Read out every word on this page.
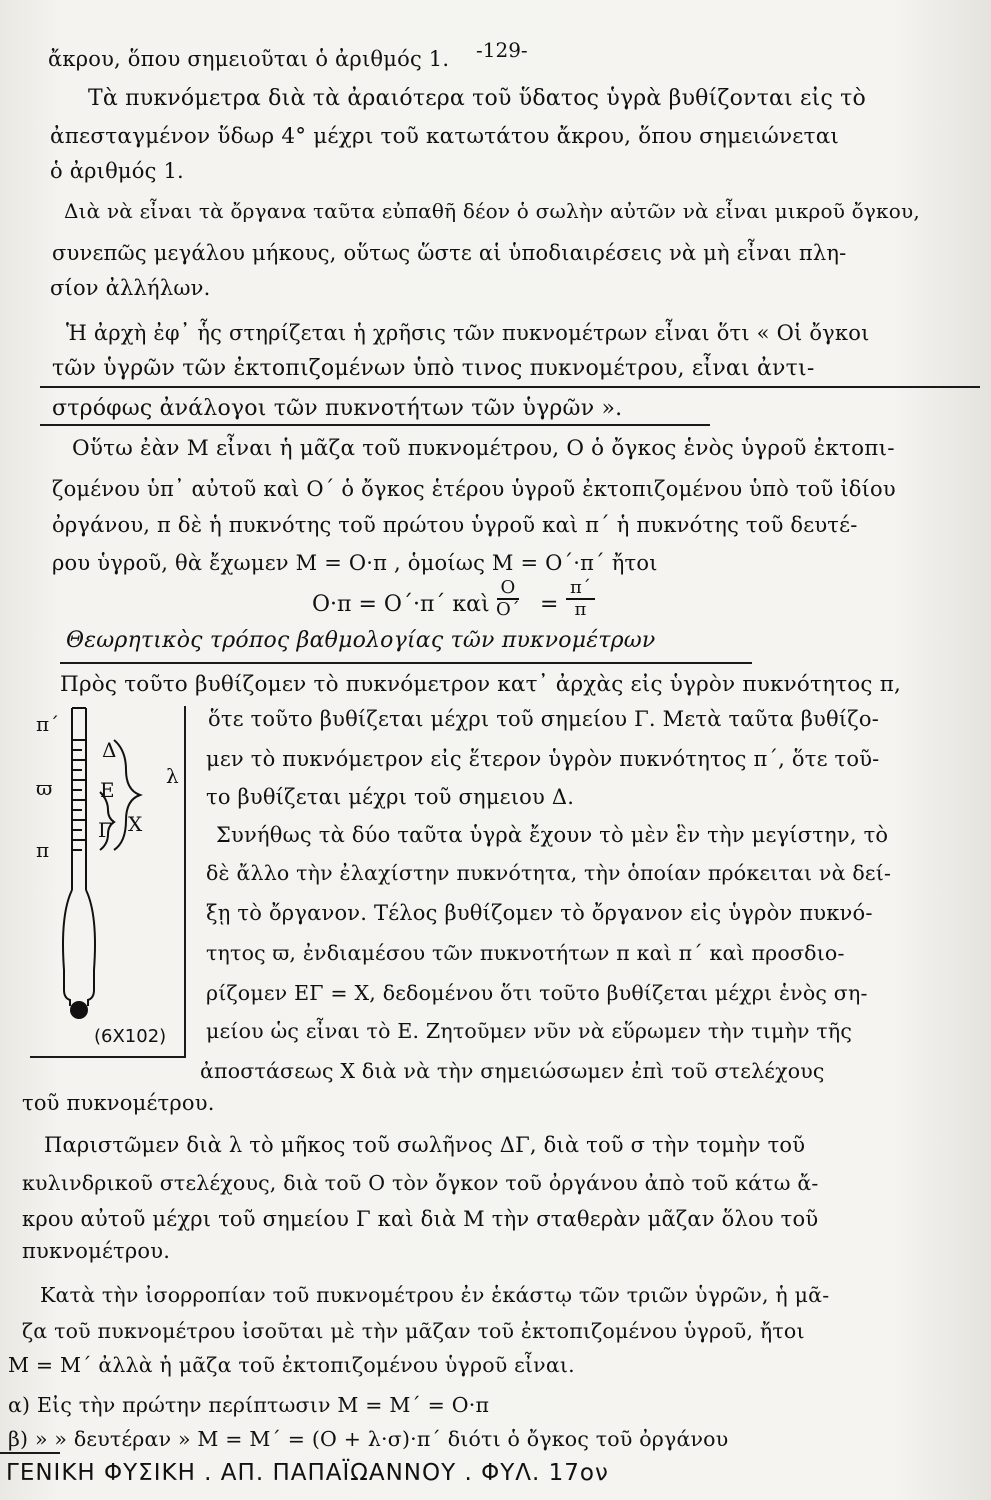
-129-
ἄκρου, ὅπου σημειοῦται ὁ ἀριθμός 1.
Τὰ πυκνόμετρα διὰ τὰ ἀραιότερα τοῦ ὕδατος ὑγρὰ βυθίζονται εἰς τὸ
ἀπεσταγμένον ὕδωρ 4° μέχρι τοῦ κατωτάτου ἄκρου, ὅπου σημειώνεται
ὁ ἀριθμός 1.
Διὰ νὰ εἶναι τὰ ὄργανα ταῦτα εὐπαθῆ δέον ὁ σωλὴν αὐτῶν νὰ εἶναι μικροῦ ὄγκου,
συνεπῶς μεγάλου μήκους, οὕτως ὥστε αἱ ὑποδιαιρέσεις νὰ μὴ εἶναι πλη-
σίον ἀλλήλων.
Ἡ ἀρχὴ ἐφ᾽ ἧς στηρίζεται ἡ χρῆσις τῶν πυκνομέτρων εἶναι ὅτι « Οἱ ὄγκοι
τῶν ὑγρῶν τῶν ἐκτοπιζομένων ὑπὸ τινος πυκνομέτρου, εἶναι ἀντι-
στρόφως ἀνάλογοι τῶν πυκνοτήτων τῶν ὑγρῶν ».
Οὕτω ἐὰν Μ εἶναι ἡ μᾶζα τοῦ πυκνομέτρου, Ο ὁ ὄγκος ἑνὸς ὑγροῦ ἐκτοπι-
ζομένου ὑπ᾽ αὐτοῦ καὶ Ο΄ ὁ ὄγκος ἑτέρου ὑγροῦ ἐκτοπιζομένου ὑπὸ τοῦ ἰδίου
ὀργάνου, π δὲ ἡ πυκνότης τοῦ πρώτου ὑγροῦ καὶ π΄ ἡ πυκνότης τοῦ δευτέ-
ρου ὑγροῦ, θὰ ἔχωμεν Μ = Ο·π , ὁμοίως Μ = Ο΄·π΄ ἤτοι
Ο·π = Ο΄·π΄ καὶ $\frac{O}{O΄} = \frac{\pi΄}{\pi}$
Θεωρητικὸς τρόπος βαθμολογίας τῶν πυκνομέτρων
Πρὸς τοῦτο βυθίζομεν τὸ πυκνόμετρον κατ᾽ ἀρχὰς εἰς ὑγρὸν πυκνότητος π,
π΄
ϖ
π
Δ
Ε
Γ Χ
λ
(6Χ102)
ὅτε τοῦτο βυθίζεται μέχρι τοῦ σημείου Γ. Μετὰ ταῦτα βυθίζο-
μεν τὸ πυκνόμετρον εἰς ἕτερον ὑγρὸν πυκνότητος π΄, ὅτε τοῦ-
το βυθίζεται μέχρι τοῦ σημειου Δ.
Συνήθως τὰ δύο ταῦτα ὑγρὰ ἔχουν τὸ μὲν ἓν τὴν μεγίστην, τὸ
δὲ ἄλλο τὴν ἐλαχίστην πυκνότητα, τὴν ὁποίαν πρόκειται νὰ δεί-
ξῃ τὸ ὄργανον. Τέλος βυθίζομεν τὸ ὄργανον εἰς ὑγρὸν πυκνό-
τητος ϖ, ἐνδιαμέσου τῶν πυκνοτήτων π καὶ π΄ καὶ προσδιο-
ρίζομεν ΕΓ = Χ, δεδομένου ὅτι τοῦτο βυθίζεται μέχρι ἑνὸς ση-
μείου ὡς εἶναι τὸ Ε. Ζητοῦμεν νῦν νὰ εὕρωμεν τὴν τιμὴν τῆς
ἀποστάσεως Χ διὰ νὰ τὴν σημειώσωμεν ἐπὶ τοῦ στελέχους
τοῦ πυκνομέτρου.
Παριστῶμεν διὰ λ τὸ μῆκος τοῦ σωλῆνος ΔΓ, διὰ τοῦ σ τὴν τομὴν τοῦ
κυλινδρικοῦ στελέχους, διὰ τοῦ Ο τὸν ὄγκον τοῦ ὀργάνου ἀπὸ τοῦ κάτω ἄ-
κρου αὐτοῦ μέχρι τοῦ σημείου Γ καὶ διὰ Μ τὴν σταθερὰν μᾶζαν ὅλου τοῦ
πυκνομέτρου.
Κατὰ τὴν ἰσορροπίαν τοῦ πυκνομέτρου ἐν ἑκάστῳ τῶν τριῶν ὑγρῶν, ἡ μᾶ-
ζα τοῦ πυκνομέτρου ἰσοῦται μὲ τὴν μᾶζαν τοῦ ἐκτοπιζομένου ὑγροῦ, ἤτοι
Μ = Μ΄ ἀλλὰ ἡ μᾶζα τοῦ ἐκτοπιζομένου ὑγροῦ εἶναι.
α) Εἰς τὴν πρώτην περίπτωσιν Μ = Μ΄ = Ο·π
β) » » δευτέραν » Μ = Μ΄ = (Ο + λ·σ)·π΄ διότι ὁ ὄγκος τοῦ ὀργάνου
ΓΕΝΙΚΗ ΦΥΣΙΚΗ . ΑΠ. ΠΑΠΑΪΩΑΝΝΟΥ . ΦΥΛ. 17ον
